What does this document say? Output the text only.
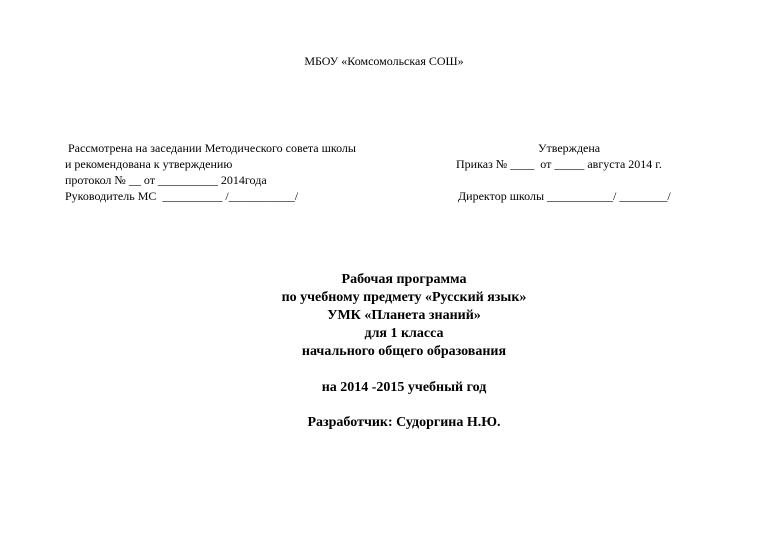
МБОУ «Комсомольская СОШ»
Рассмотрена на заседании Методического совета школы
и рекомендована к утверждению
протокол № __ от __________ 2014года
Руководитель МС  __________ /___________/
Утверждена
Приказ № ____  от _____ августа 2014 г.
Директор школы ___________/ ________/
Рабочая программа
по учебному предмету «Русский язык»
УМК «Планета знаний»
для 1 класса
начального общего образования
на 2014 -2015 учебный год
Разработчик: Судоргина Н.Ю.
